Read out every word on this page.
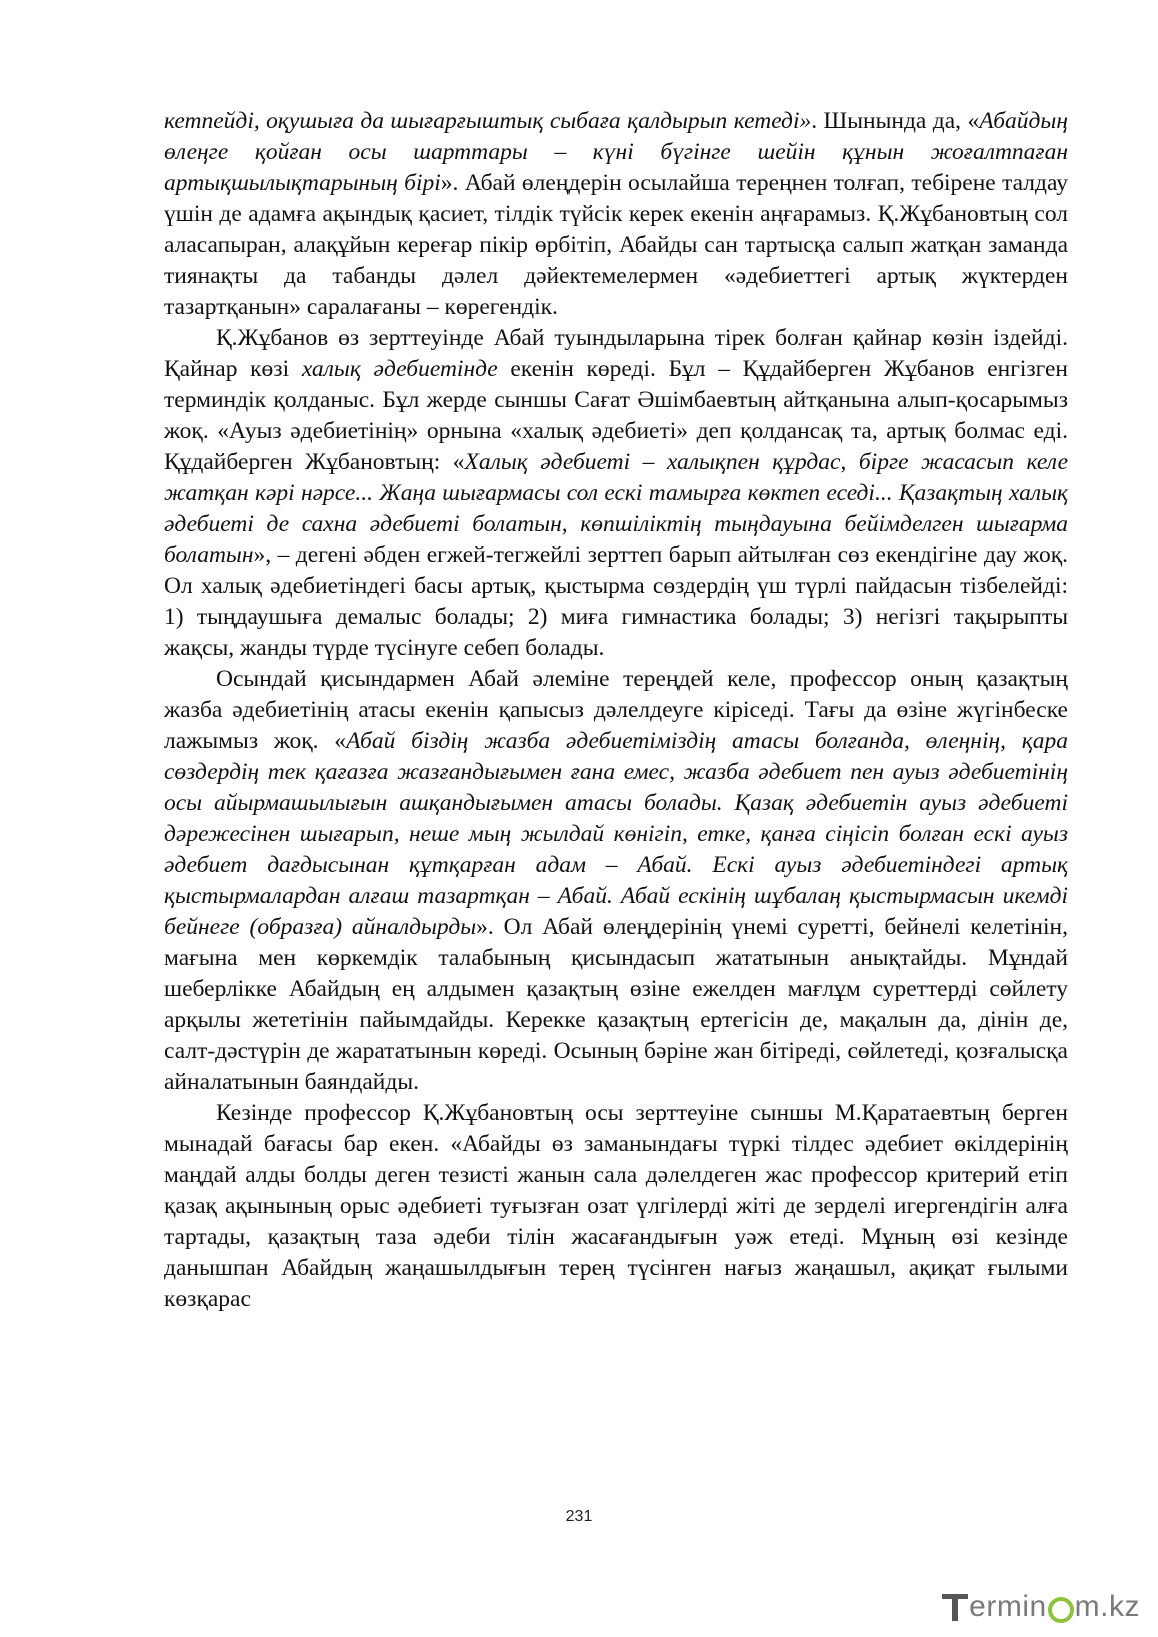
кетпейді, оқушыға да шығарғыштық сыбаға қалдырып кетеді». Шынында да, «Абайдың өлеңге қойған осы шарттары – күні бүгінге шейін құнын жоғалтпаған артықшылықтарының бірі». Абай өлеңдерін осылайша тереңнен толғап, тебірене талдау үшін де адамға ақындық қасиет, тілдік түйсік керек екенін аңғарамыз. Қ.Жұбановтың сол аласапыран, алақұйын кереғар пікір өрбітіп, Абайды сан тартысқа салып жатқан заманда тиянақты да табанды дәлел дәйектемелермен «әдебиеттегі артық жүктерден тазартқанын» саралағаны – көрегендік.

Қ.Жұбанов өз зерттеуінде Абай туындыларына тірек болған қайнар көзін іздейді. Қайнар көзі халық әдебиетінде екенін көреді. Бұл – Құдайберген Жұбанов енгізген терминдік қолданыс. Бұл жерде сыншы Сағат Әшімбаевтың айтқанына алып-қосарымыз жоқ. «Ауыз әдебиетінің» орнына «халық әдебиеті» деп қолдансақ та, артық болмас еді. Құдайберген Жұбановтың: «Халық әдебиеті – халықпен құрдас, бірге жасасып келе жатқан кәрі нәрсе... Жаңа шығармасы сол ескі тамырға көктеп еседі... Қазақтың халық әдебиеті де сахна әдебиеті болатын, көпшіліктің тыңдауына бейімделген шығарма болатын», – дегені әбден егжей-тегжейлі зерттеп барып айтылған сөз екендігіне дау жоқ. Ол халық әдебиетіндегі басы артық, қыстырма сөздердің үш түрлі пайдасын тізбелейді: 1) тыңдаушыға демалыс болады; 2) миға гимнастика болады; 3) негізгі тақырыпты жақсы, жанды түрде түсінуге себеп болады.

Осындай қисындармен Абай әлеміне тереңдей келе, профессор оның қазақтың жазба әдебиетінің атасы екенін қапысыз дәлелдеуге кіріседі. Тағы да өзіне жүгінбеске лажымыз жоқ. «Абай біздің жазба әдебиетіміздің атасы болғанда, өлеңнің, қара сөздердің тек қағазға жазғандығымен ғана емес, жазба әдебиет пен ауыз әдебиетінің осы айырмашылығын ашқандығымен атасы болады. Қазақ әдебиетін ауыз әдебиеті дәрежесінен шығарып, неше мың жылдай көнігіп, етке, қанға сіңісіп болған ескі ауыз әдебиет дағдысынан құтқарған адам – Абай. Ескі ауыз әдебиетіндегі артық қыстырмалардан алғаш тазартқан – Абай. Абай ескінің шұбалаң қыстырмасын икемді бейнеге (образға) айналдырды». Ол Абай өлеңдерінің үнемі суретті, бейнелі келетінін, мағына мен көркемдік талабының қисындасып жататынын анықтайды. Мұндай шеберлікке Абайдың ең алдымен қазақтың өзіне ежелден мағлұм суреттерді сөйлету арқылы жететінін пайымдайды. Керекке қазақтың ертегісін де, мақалын да, дінін де, салт-дәстүрін де жарататынын көреді. Осының бәріне жан бітіреді, сөйлетеді, қозғалысқа айналатынын баяндайды.

Кезінде профессор Қ.Жұбановтың осы зерттеуіне сыншы М.Қаратаевтың берген мынадай бағасы бар екен. «Абайды өз заманындағы түркі тілдес әдебиет өкілдерінің маңдай алды болды деген тезисті жанын сала дәлелдеген жас профессор критерий етіп қазақ ақынының орыс әдебиеті туғызған озат үлгілерді жіті де зерделі игергендігін алға тартады, қазақтың таза әдеби тілін жасағандығын уәж етеді. Мұның өзі кезінде данышпан Абайдың жаңашылдығын терең түсінген нағыз жаңашыл, ақиқат ғылыми көзқарас

231
ermin m.kz
